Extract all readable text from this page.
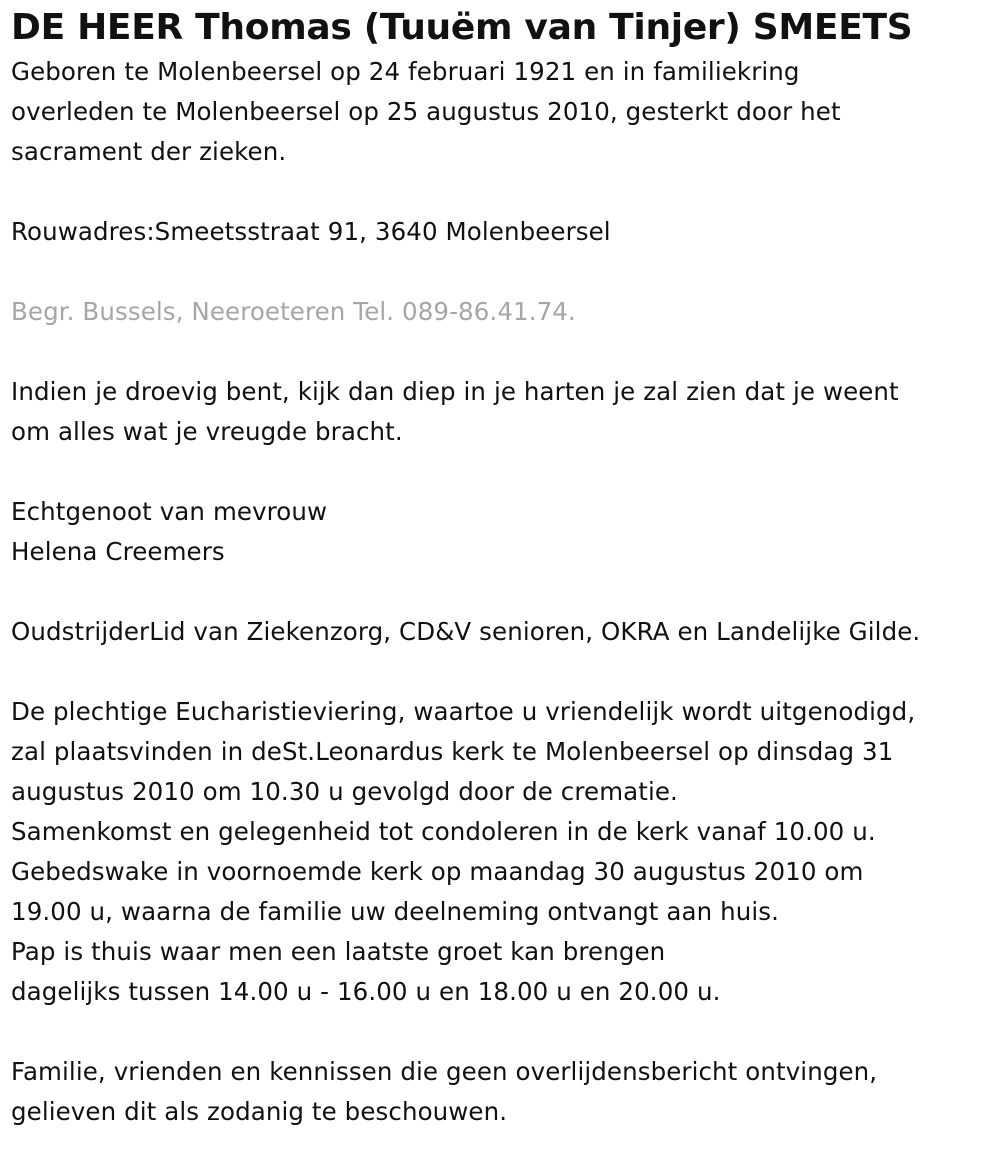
DE HEER Thomas (Tuuëm van Tinjer) SMEETS

Geboren te Molenbeersel op 24 februari 1921 en in familiekring
overleden te Molenbeersel op 25 augustus 2010, gesterkt door het
sacrament der zieken.

Rouwadres:Smeetsstraat 91, 3640 Molenbeersel

Begr. Bussels, Neeroeteren Tel. 089-86.41.74.

Indien je droevig bent, kijk dan diep in je harten je zal zien dat je weent
om alles wat je vreugde bracht.

Echtgenoot van mevrouw
Helena Creemers

OudstrijderLid van Ziekenzorg, CD&V senioren, OKRA en Landelijke Gilde.

De plechtige Eucharistieviering, waartoe u vriendelijk wordt uitgenodigd,
zal plaatsvinden in deSt.Leonardus kerk te Molenbeersel op dinsdag 31
augustus 2010 om 10.30 u gevolgd door de crematie.
Samenkomst en gelegenheid tot condoleren in de kerk vanaf 10.00 u.
Gebedswake in voornoemde kerk op maandag 30 augustus 2010 om
19.00 u, waarna de familie uw deelneming ontvangt aan huis.
Pap is thuis waar men een laatste groet kan brengen
dagelijks tussen 14.00 u - 16.00 u en 18.00 u en 20.00 u.

Familie, vrienden en kennissen die geen overlijdensbericht ontvingen,
gelieven dit als zodanig te beschouwen.
